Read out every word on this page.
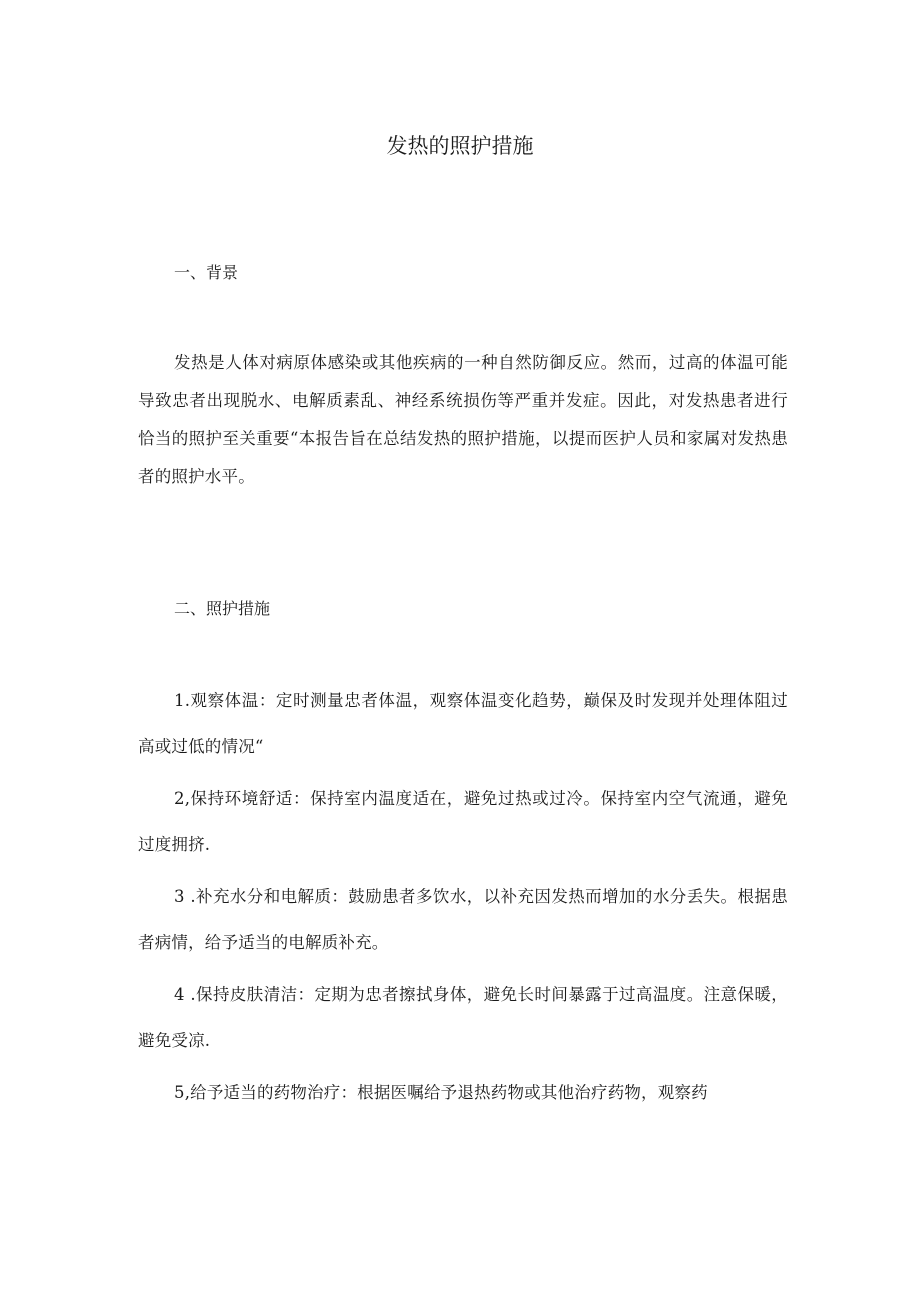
发热的照护措施
一、背景

发热是人体对病原体感染或其他疾病的一种自然防御反应。然而，过高的体温可能导致忠者出现脱水、电解质素乱、神经系统损伤等严重并发症。因此，对发热患者进行恰当的照护至关重要“本报告旨在总结发热的照护措施，以提而医护人员和家属对发热患者的照护水平。

二、照护措施

1.观察体温：定时测量忠者体温，观察体温变化趋势，巅保及时发现并处理体阻过高或过低的情况“

2,保持环境舒适：保持室内温度适在，避免过热或过冷。保持室内空气流通，避免过度拥挤.

3 .补充水分和电解质：鼓励患者多饮水，以补充因发热而增加的水分丢失。根据患者病情，给予适当的电解质补充。

4 .保持皮肤清洁：定期为忠者擦拭身体，避免长时间暴露于过高温度。注意保暖，避免受凉.

5,给予适当的药物治疗：根据医嘱给予退热药物或其他治疗药物，观察药
